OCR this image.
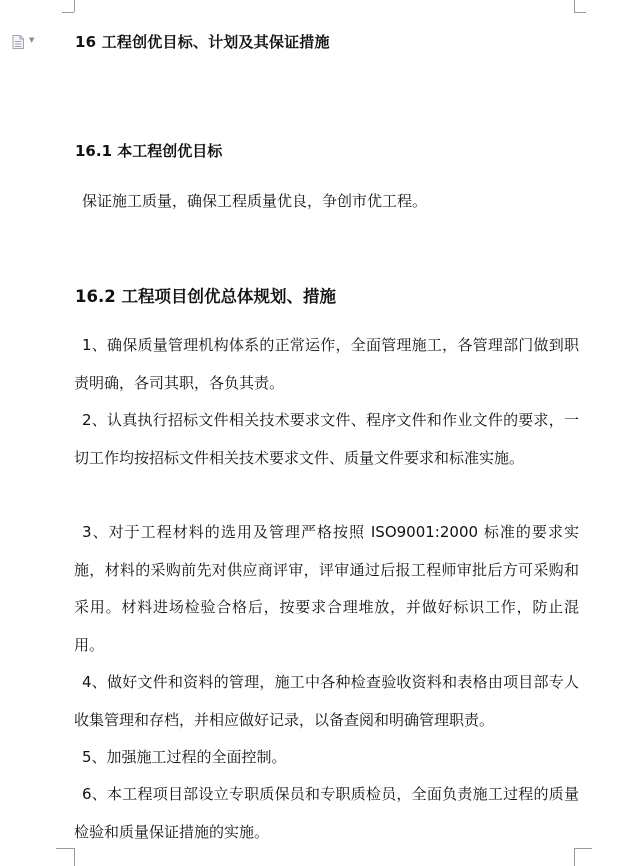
▼	16 工程创优目标、计划及其保证措施
16.1 本工程创优目标
保证施工质量，确保工程质量优良，争创市优工程。
16.2 工程项目创优总体规划、措施
1、确保质量管理机构体系的正常运作，全面管理施工，各管理部门做到职责明确，各司其职，各负其责。
2、认真执行招标文件相关技术要求文件、程序文件和作业文件的要求，一切工作均按招标文件相关技术要求文件、质量文件要求和标准实施。
3、对于工程材料的选用及管理严格按照 ISO9001:2000 标准的要求实施，材料的采购前先对供应商评审，评审通过后报工程师审批后方可采购和采用。材料进场检验合格后，按要求合理堆放，并做好标识工作，防止混用。
4、做好文件和资料的管理，施工中各种检查验收资料和表格由项目部专人收集管理和存档，并相应做好记录，以备查阅和明确管理职责。
5、加强施工过程的全面控制。
6、本工程项目部设立专职质保员和专职质检员，全面负责施工过程的质量检验和质量保证措施的实施。
